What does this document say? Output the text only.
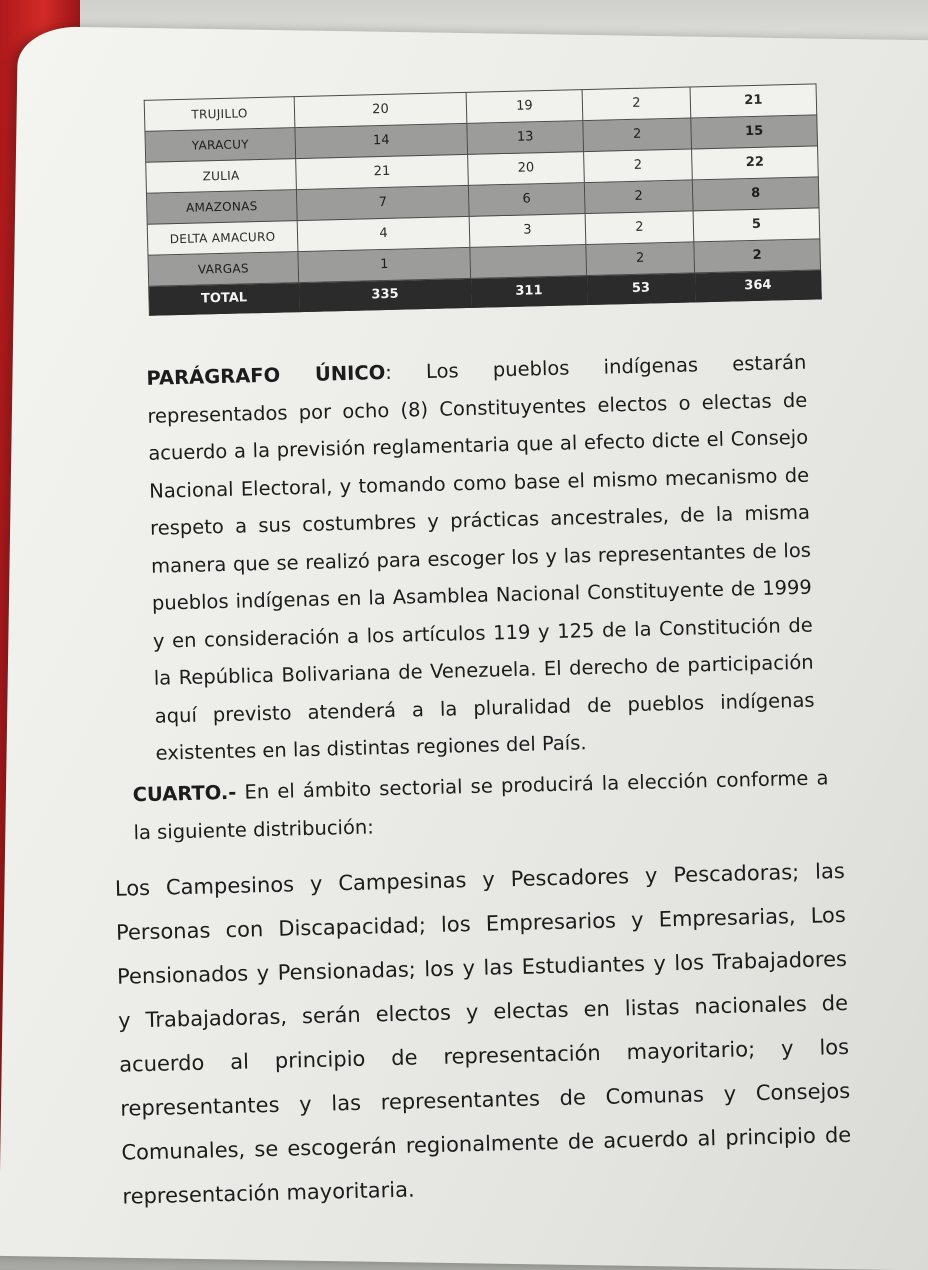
TRUJILLO	20	19	2	21
YARACUY	14	13	2	15
ZULIA	21	20	2	22
AMAZONAS	7	6	2	8
DELTA AMACURO	4	3	2	5
VARGAS	1		2	2
TOTAL	335	311	53	364
PARÁGRAFO ÚNICO: Los pueblos indígenas estarán representados por ocho (8) Constituyentes electos o electas de acuerdo a la previsión reglamentaria que al efecto dicte el Consejo Nacional Electoral, y tomando como base el mismo mecanismo de respeto a sus costumbres y prácticas ancestrales, de la misma manera que se realizó para escoger los y las representantes de los pueblos indígenas en la Asamblea Nacional Constituyente de 1999 y en consideración a los artículos 119 y 125 de la Constitución de la República Bolivariana de Venezuela. El derecho de participación aquí previsto atenderá a la pluralidad de pueblos indígenas existentes en las distintas regiones del País.
CUARTO.- En el ámbito sectorial se producirá la elección conforme a la siguiente distribución:
Los Campesinos y Campesinas y Pescadores y Pescadoras; las Personas con Discapacidad; los Empresarios y Empresarias, Los Pensionados y Pensionadas; los y las Estudiantes y los Trabajadores y Trabajadoras, serán electos y electas en listas nacionales de acuerdo al principio de representación mayoritario; y los representantes y las representantes de Comunas y Consejos Comunales, se escogerán regionalmente de acuerdo al principio de representación mayoritaria.
